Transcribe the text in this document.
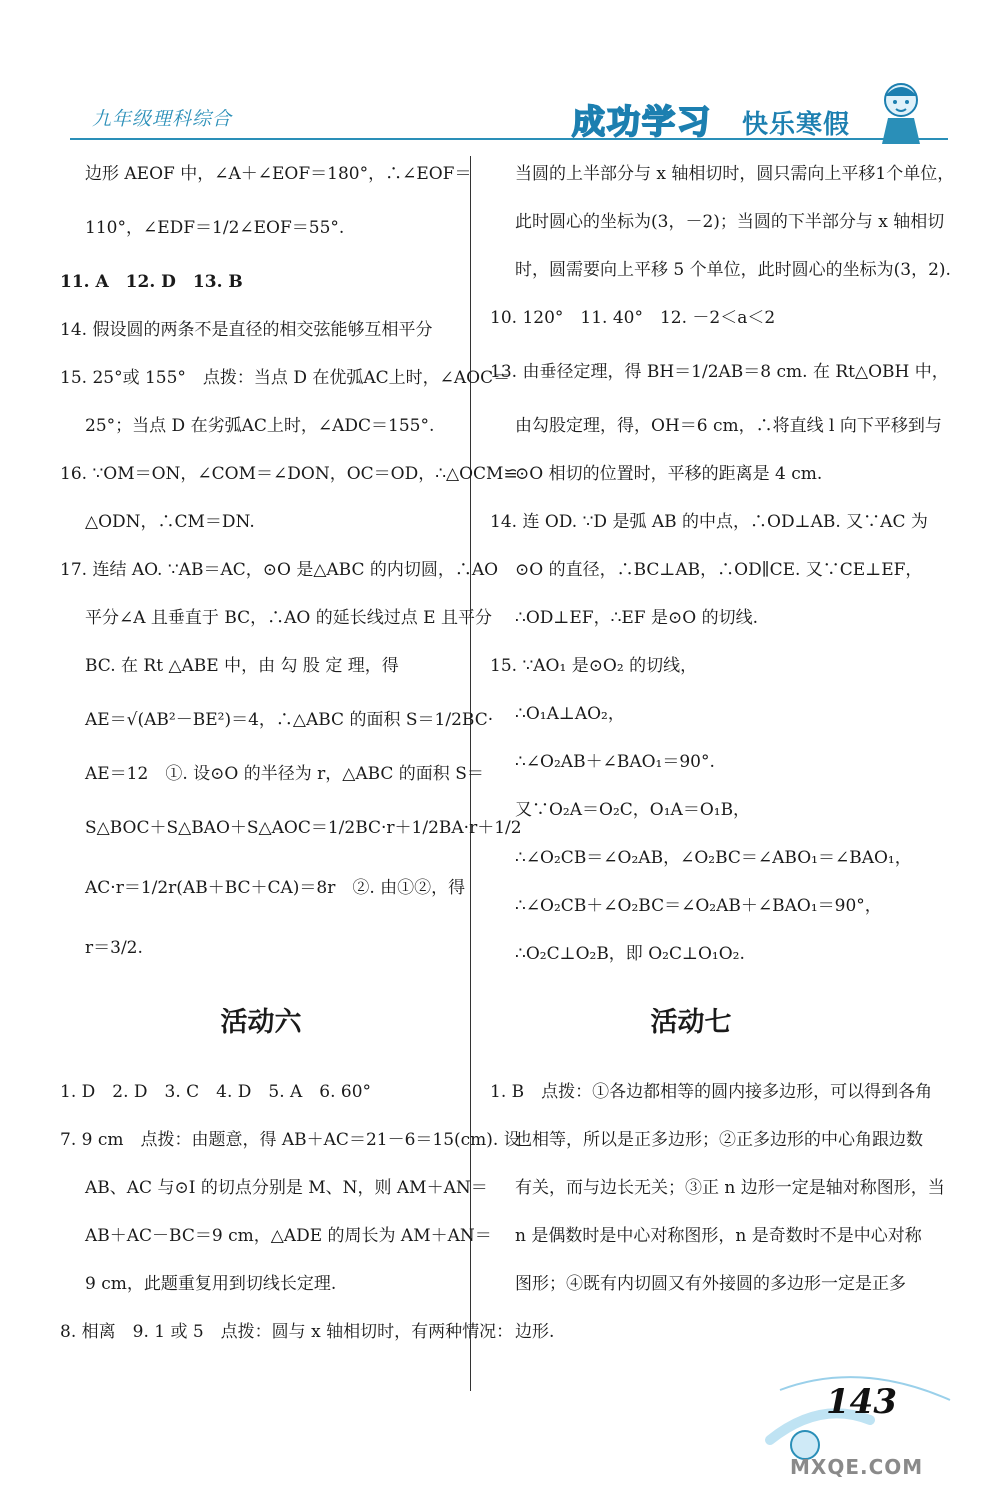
九年级理科综合	成功学习 快乐寒假
边形 AEOF 中，∠A＋∠EOF＝180°，∴∠EOF＝
110°，∠EDF＝1/2∠EOF＝55°.
11. A　12. D　13. B
14. 假设圆的两条不是直径的相交弦能够互相平分
15. 25°或 155°　点拨：当点 D 在优弧AC上时，∠AOC＝
25°；当点 D 在劣弧AC上时，∠ADC＝155°.
16. ∵OM＝ON，∠COM＝∠DON，OC＝OD，∴△OCM≌
△ODN，∴CM＝DN.
17. 连结 AO. ∵AB＝AC，⊙O 是△ABC 的内切圆，∴AO
平分∠A 且垂直于 BC，∴AO 的延长线过点 E 且平分
BC. 在 Rt △ABE 中，由 勾 股 定 理，得
AE＝√(AB²－BE²)＝4，∴△ABC 的面积 S＝1/2BC·
AE＝12　①. 设⊙O 的半径为 r，△ABC 的面积 S＝
S△BOC＋S△BAO＋S△AOC＝1/2BC·r＋1/2BA·r＋1/2
AC·r＝1/2r(AB＋BC＋CA)＝8r　②. 由①②，得
r＝3/2.
活动六
1. D　2. D　3. C　4. D　5. A　6. 60°
7. 9 cm　点拨：由题意，得 AB＋AC＝21－6＝15(cm). 设
AB、AC 与⊙I 的切点分别是 M、N，则 AM＋AN＝
AB＋AC－BC＝9 cm，△ADE 的周长为 AM＋AN＝
9 cm，此题重复用到切线长定理.
8. 相离　9. 1 或 5　点拨：圆与 x 轴相切时，有两种情况：
当圆的上半部分与 x 轴相切时，圆只需向上平移1个单位，
此时圆心的坐标为(3，－2)；当圆的下半部分与 x 轴相切
时，圆需要向上平移 5 个单位，此时圆心的坐标为(3，2).
10. 120°　11. 40°　12. －2＜a＜2
13. 由垂径定理，得 BH＝1/2AB＝8 cm. 在 Rt△OBH 中，
由勾股定理，得，OH＝6 cm，∴将直线 l 向下平移到与
⊙O 相切的位置时，平移的距离是 4 cm.
14. 连 OD. ∵D 是弧 AB 的中点，∴OD⊥AB. 又∵AC 为
⊙O 的直径，∴BC⊥AB，∴OD∥CE. 又∵CE⊥EF，
∴OD⊥EF，∴EF 是⊙O 的切线.
15. ∵AO₁ 是⊙O₂ 的切线，
∴O₁A⊥AO₂，
∴∠O₂AB＋∠BAO₁＝90°.
又∵O₂A＝O₂C，O₁A＝O₁B，
∴∠O₂CB＝∠O₂AB，∠O₂BC＝∠ABO₁＝∠BAO₁，
∴∠O₂CB＋∠O₂BC＝∠O₂AB＋∠BAO₁＝90°，
∴O₂C⊥O₂B，即 O₂C⊥O₁O₂.
活动七
1. B　点拨：①各边都相等的圆内接多边形，可以得到各角
也相等，所以是正多边形；②正多边形的中心角跟边数
有关，而与边长无关；③正 n 边形一定是轴对称图形，当
n 是偶数时是中心对称图形，n 是奇数时不是中心对称
图形；④既有内切圆又有外接圆的多边形一定是正多
边形.
143
MXQE.COM
